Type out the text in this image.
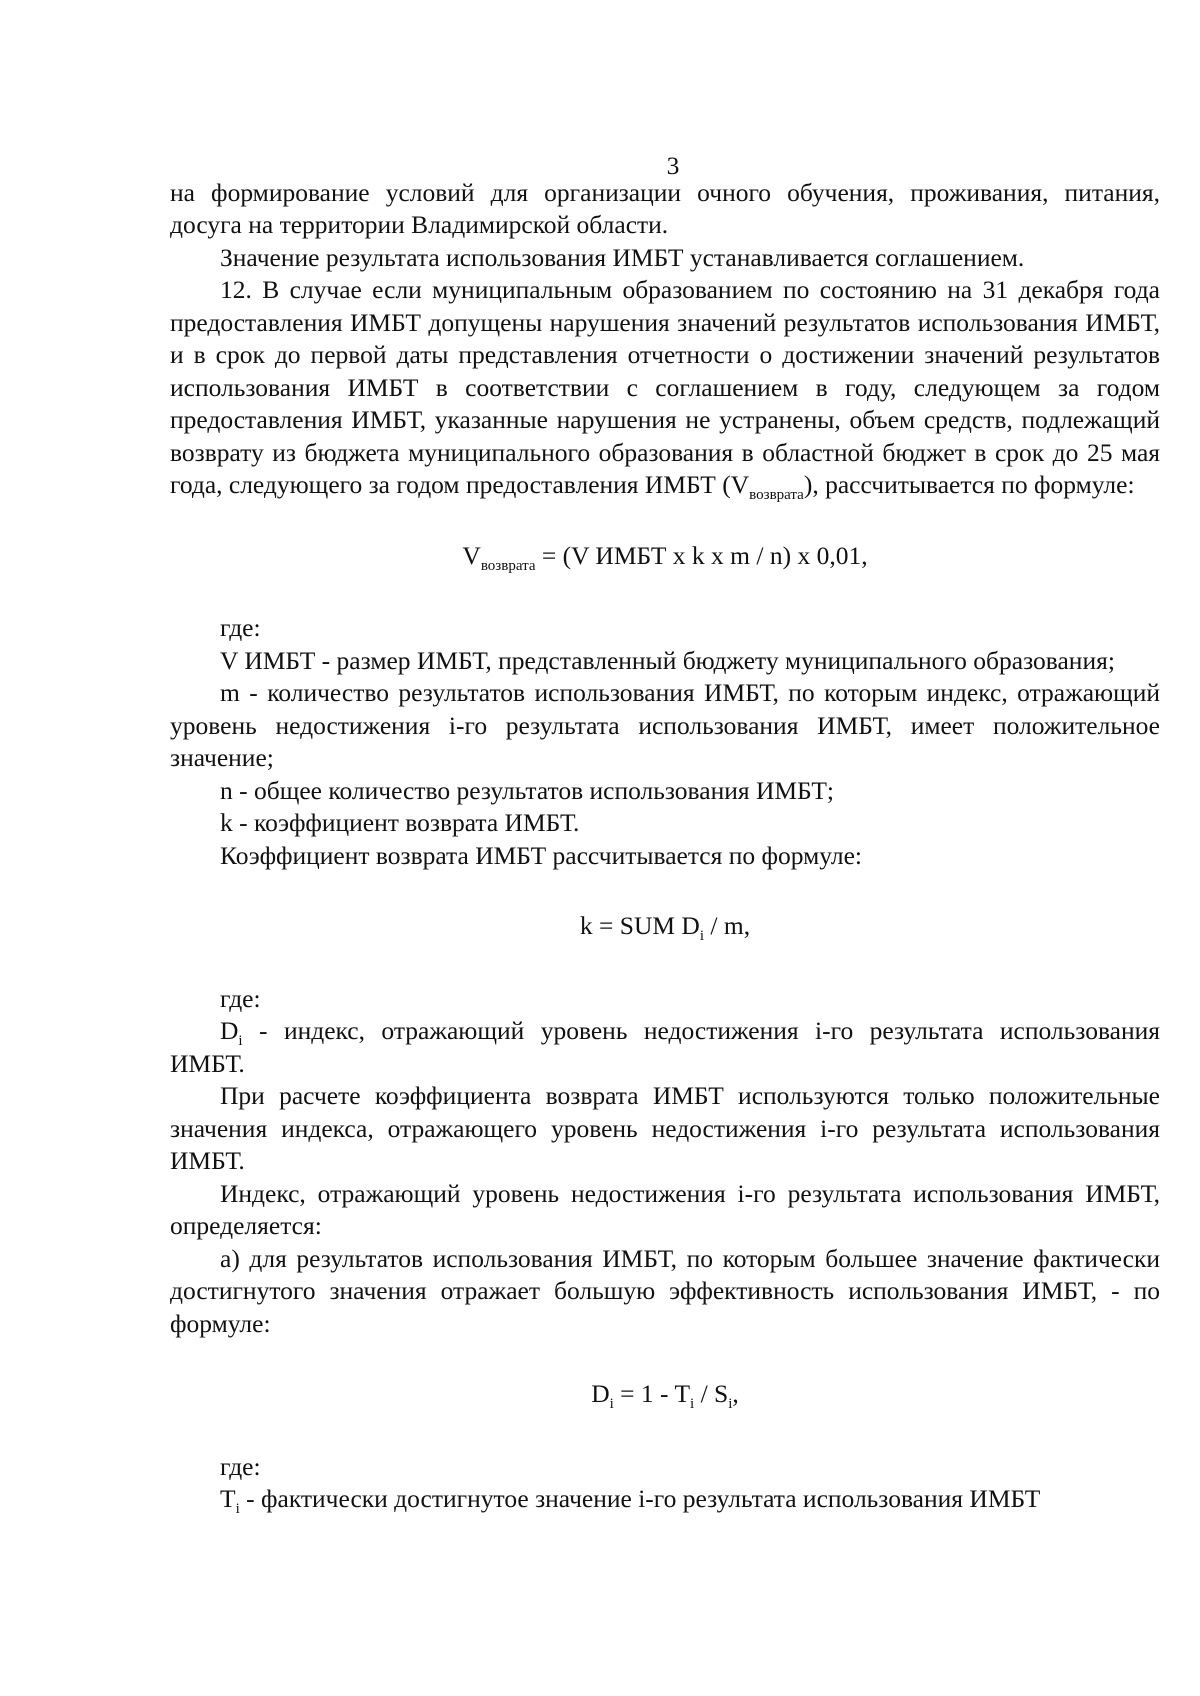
3

на формирование условий для организации очного обучения, проживания, питания, досуга на территории Владимирской области.

Значение результата использования ИМБТ устанавливается соглашением.

12. В случае если муниципальным образованием по состоянию на 31 декабря года предоставления ИМБТ допущены нарушения значений результатов использования ИМБТ, и в срок до первой даты представления отчетности о достижении значений результатов использования ИМБТ в соответствии с соглашением в году, следующем за годом предоставления ИМБТ, указанные нарушения не устранены, объем средств, подлежащий возврату из бюджета муниципального образования в областной бюджет в срок до 25 мая года, следующего за годом предоставления ИМБТ $(V_{возврата})$, рассчитывается по формуле:

$V_{возврата} = (V$ ИМБТ x k x m / n) x 0,01,

где:

V ИМБТ - размер ИМБТ, представленный бюджету муниципального образования;

m - количество результатов использования ИМБТ, по которым индекс, отражающий уровень недостижения i-го результата использования ИМБТ, имеет положительное значение;

n - общее количество результатов использования ИМБТ;

k - коэффициент возврата ИМБТ.

Коэффициент возврата ИМБТ рассчитывается по формуле:

k = SUM $D_i$ / m,

где:

$D_i$ - индекс, отражающий уровень недостижения i-го результата использования ИМБТ.

При расчете коэффициента возврата ИМБТ используются только положительные значения индекса, отражающего уровень недостижения i-го результата использования ИМБТ.

Индекс, отражающий уровень недостижения i-го результата использования ИМБТ, определяется:

а) для результатов использования ИМБТ, по которым большее значение фактически достигнутого значения отражает большую эффективность использования ИМБТ, - по формуле:

$D_i = 1 - T_i / S_i$,

где:

$T_i$ - фактически достигнутое значение i-го результата использования ИМБТ
